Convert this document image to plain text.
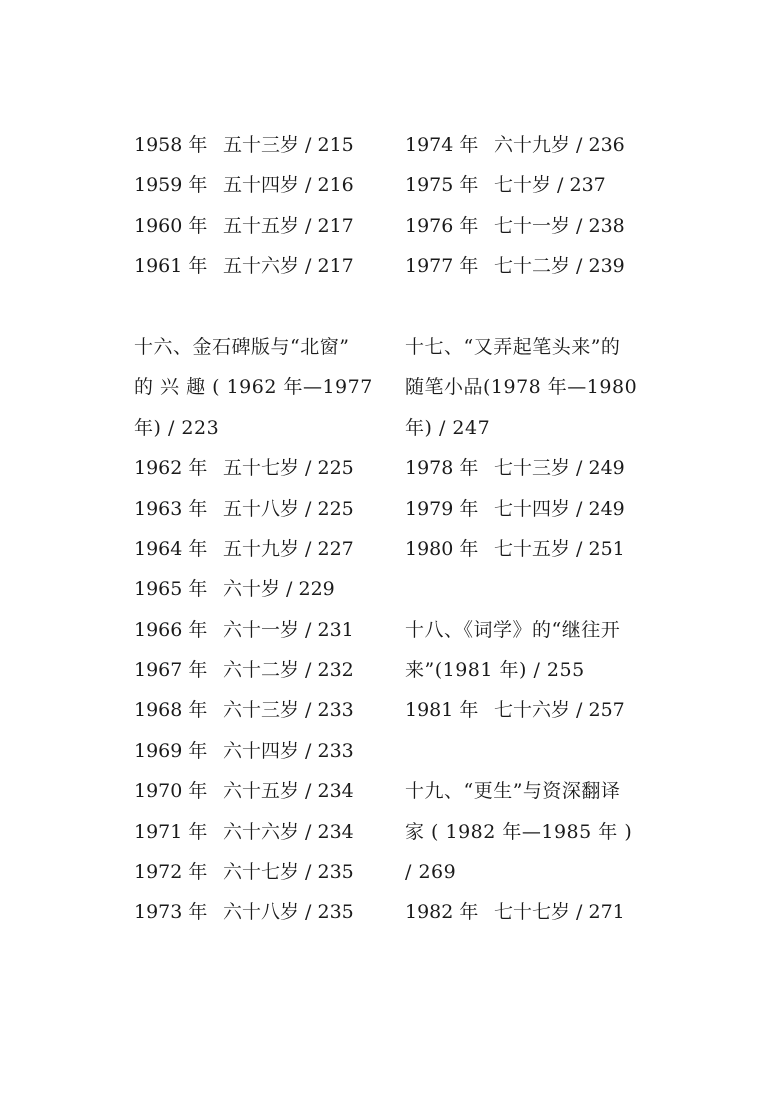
1958 年 五十三岁 / 215
1959 年 五十四岁 / 216
1960 年 五十五岁 / 217
1961 年 五十六岁 / 217
十六、金石碑版与“北窗”
的 兴 趣 ( 1962 年—1977
年) / 223
1962 年 五十七岁 / 225
1963 年 五十八岁 / 225
1964 年 五十九岁 / 227
1965 年 六十岁 / 229
1966 年 六十一岁 / 231
1967 年 六十二岁 / 232
1968 年 六十三岁 / 233
1969 年 六十四岁 / 233
1970 年 六十五岁 / 234
1971 年 六十六岁 / 234
1972 年 六十七岁 / 235
1973 年 六十八岁 / 235
1974 年 六十九岁 / 236
1975 年 七十岁 / 237
1976 年 七十一岁 / 238
1977 年 七十二岁 / 239
十七、“又弄起笔头来”的
随笔小品(1978 年—1980
年) / 247
1978 年 七十三岁 / 249
1979 年 七十四岁 / 249
1980 年 七十五岁 / 251
十八、《词学》的“继往开
来”(1981 年) / 255
1981 年 七十六岁 / 257
十九、“更生”与资深翻译
家 ( 1982 年—1985 年 )
/ 269
1982 年 七十七岁 / 271
